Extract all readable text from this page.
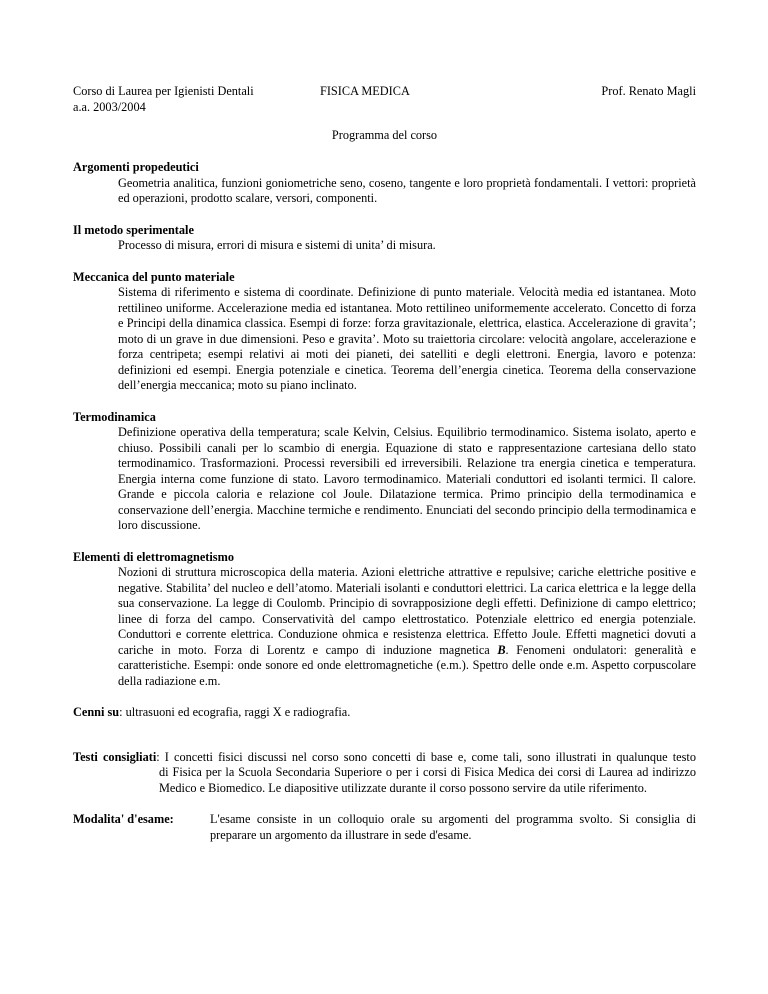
Corso di Laurea per Igienisti Dentali
a.a. 2003/2004
FISICA MEDICA	Prof. Renato Magli
Programma del corso
Argomenti propedeutici
Geometria analitica, funzioni goniometriche seno, coseno, tangente e loro proprietà fondamentali. I vettori: proprietà ed operazioni, prodotto scalare, versori, componenti.
Il metodo sperimentale
Processo di misura, errori di misura e sistemi di unita’ di misura.
Meccanica del punto materiale
Sistema di riferimento e sistema di coordinate. Definizione di punto materiale. Velocità media ed istantanea. Moto rettilineo uniforme. Accelerazione media ed istantanea. Moto rettilineo uniformemente accelerato. Concetto di forza e Principi della dinamica classica. Esempi di forze: forza gravitazionale, elettrica, elastica. Accelerazione di gravita’; moto di un grave in due dimensioni. Peso e gravita’. Moto su traiettoria circolare: velocità angolare, accelerazione e forza centripeta; esempi relativi ai moti dei pianeti, dei satelliti e degli elettroni. Energia, lavoro e potenza: definizioni ed esempi. Energia potenziale e cinetica. Teorema dell’energia cinetica. Teorema della conservazione dell’energia meccanica; moto su piano inclinato.
Termodinamica
Definizione operativa della temperatura; scale Kelvin, Celsius. Equilibrio termodinamico. Sistema isolato, aperto e chiuso. Possibili canali per lo scambio di energia. Equazione di stato e rappresentazione cartesiana dello stato termodinamico. Trasformazioni. Processi reversibili ed irreversibili. Relazione tra energia cinetica e temperatura. Energia interna come funzione di stato. Lavoro termodinamico. Materiali conduttori ed isolanti termici. Il calore. Grande e piccola caloria e relazione col Joule. Dilatazione termica. Primo principio della termodinamica e conservazione dell’energia. Macchine termiche e rendimento. Enunciati del secondo principio della termodinamica e loro discussione.
Elementi di elettromagnetismo
Nozioni di struttura microscopica della materia. Azioni elettriche attrattive e repulsive; cariche elettriche positive e negative. Stabilita’ del nucleo e dell’atomo. Materiali isolanti e conduttori elettrici. La carica elettrica e la legge della sua conservazione. La legge di Coulomb. Principio di sovrapposizione degli effetti. Definizione di campo elettrico; linee di forza del campo. Conservatività del campo elettrostatico. Potenziale elettrico ed energia potenziale. Conduttori e corrente elettrica. Conduzione ohmica e resistenza elettrica. Effetto Joule. Effetti magnetici dovuti a cariche in moto. Forza di Lorentz e campo di induzione magnetica B. Fenomeni ondulatori: generalità e caratteristiche. Esempi: onde sonore ed onde elettromagnetiche (e.m.). Spettro delle onde e.m. Aspetto corpuscolare della radiazione e.m.
Cenni su: ultrasuoni ed ecografia, raggi X e radiografia.
Testi consigliati: I concetti fisici discussi nel corso sono concetti di base e, come tali, sono illustrati in qualunque testo
di Fisica per la Scuola Secondaria Superiore o per i corsi di Fisica Medica dei corsi di Laurea ad indirizzo Medico e Biomedico. Le diapositive utilizzate durante il corso possono servire da utile riferimento.
Modalita' d'esame:	L'esame consiste in un colloquio orale su argomenti del programma svolto. Si consiglia di preparare un argomento da illustrare in sede d'esame.
